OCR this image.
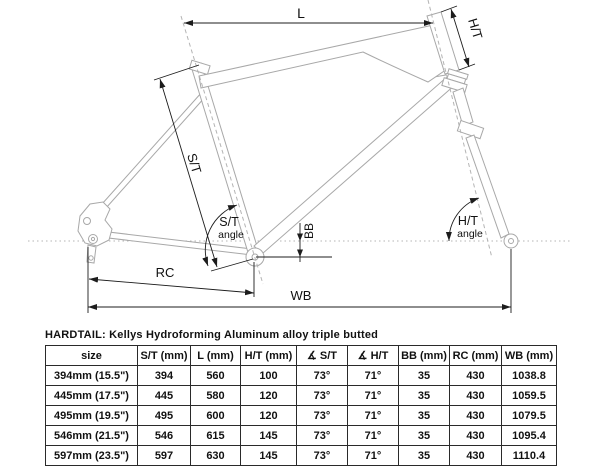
L
S/T
H/T
S/T
angle
H/T
angle
BB
RC
WB
HARDTAIL: Kellys Hydroforming Aluminum alloy triple butted
size	S/T (mm)	L (mm)	H/T (mm)	∡ S/T	∡ H/T	BB (mm)	RC (mm)	WB (mm)
394mm (15.5")	394	560	100	73°	71°	35	430	1038.8
445mm (17.5")	445	580	120	73°	71°	35	430	1059.5
495mm (19.5")	495	600	120	73°	71°	35	430	1079.5
546mm (21.5")	546	615	145	73°	71°	35	430	1095.4
597mm (23.5")	597	630	145	73°	71°	35	430	1110.4
